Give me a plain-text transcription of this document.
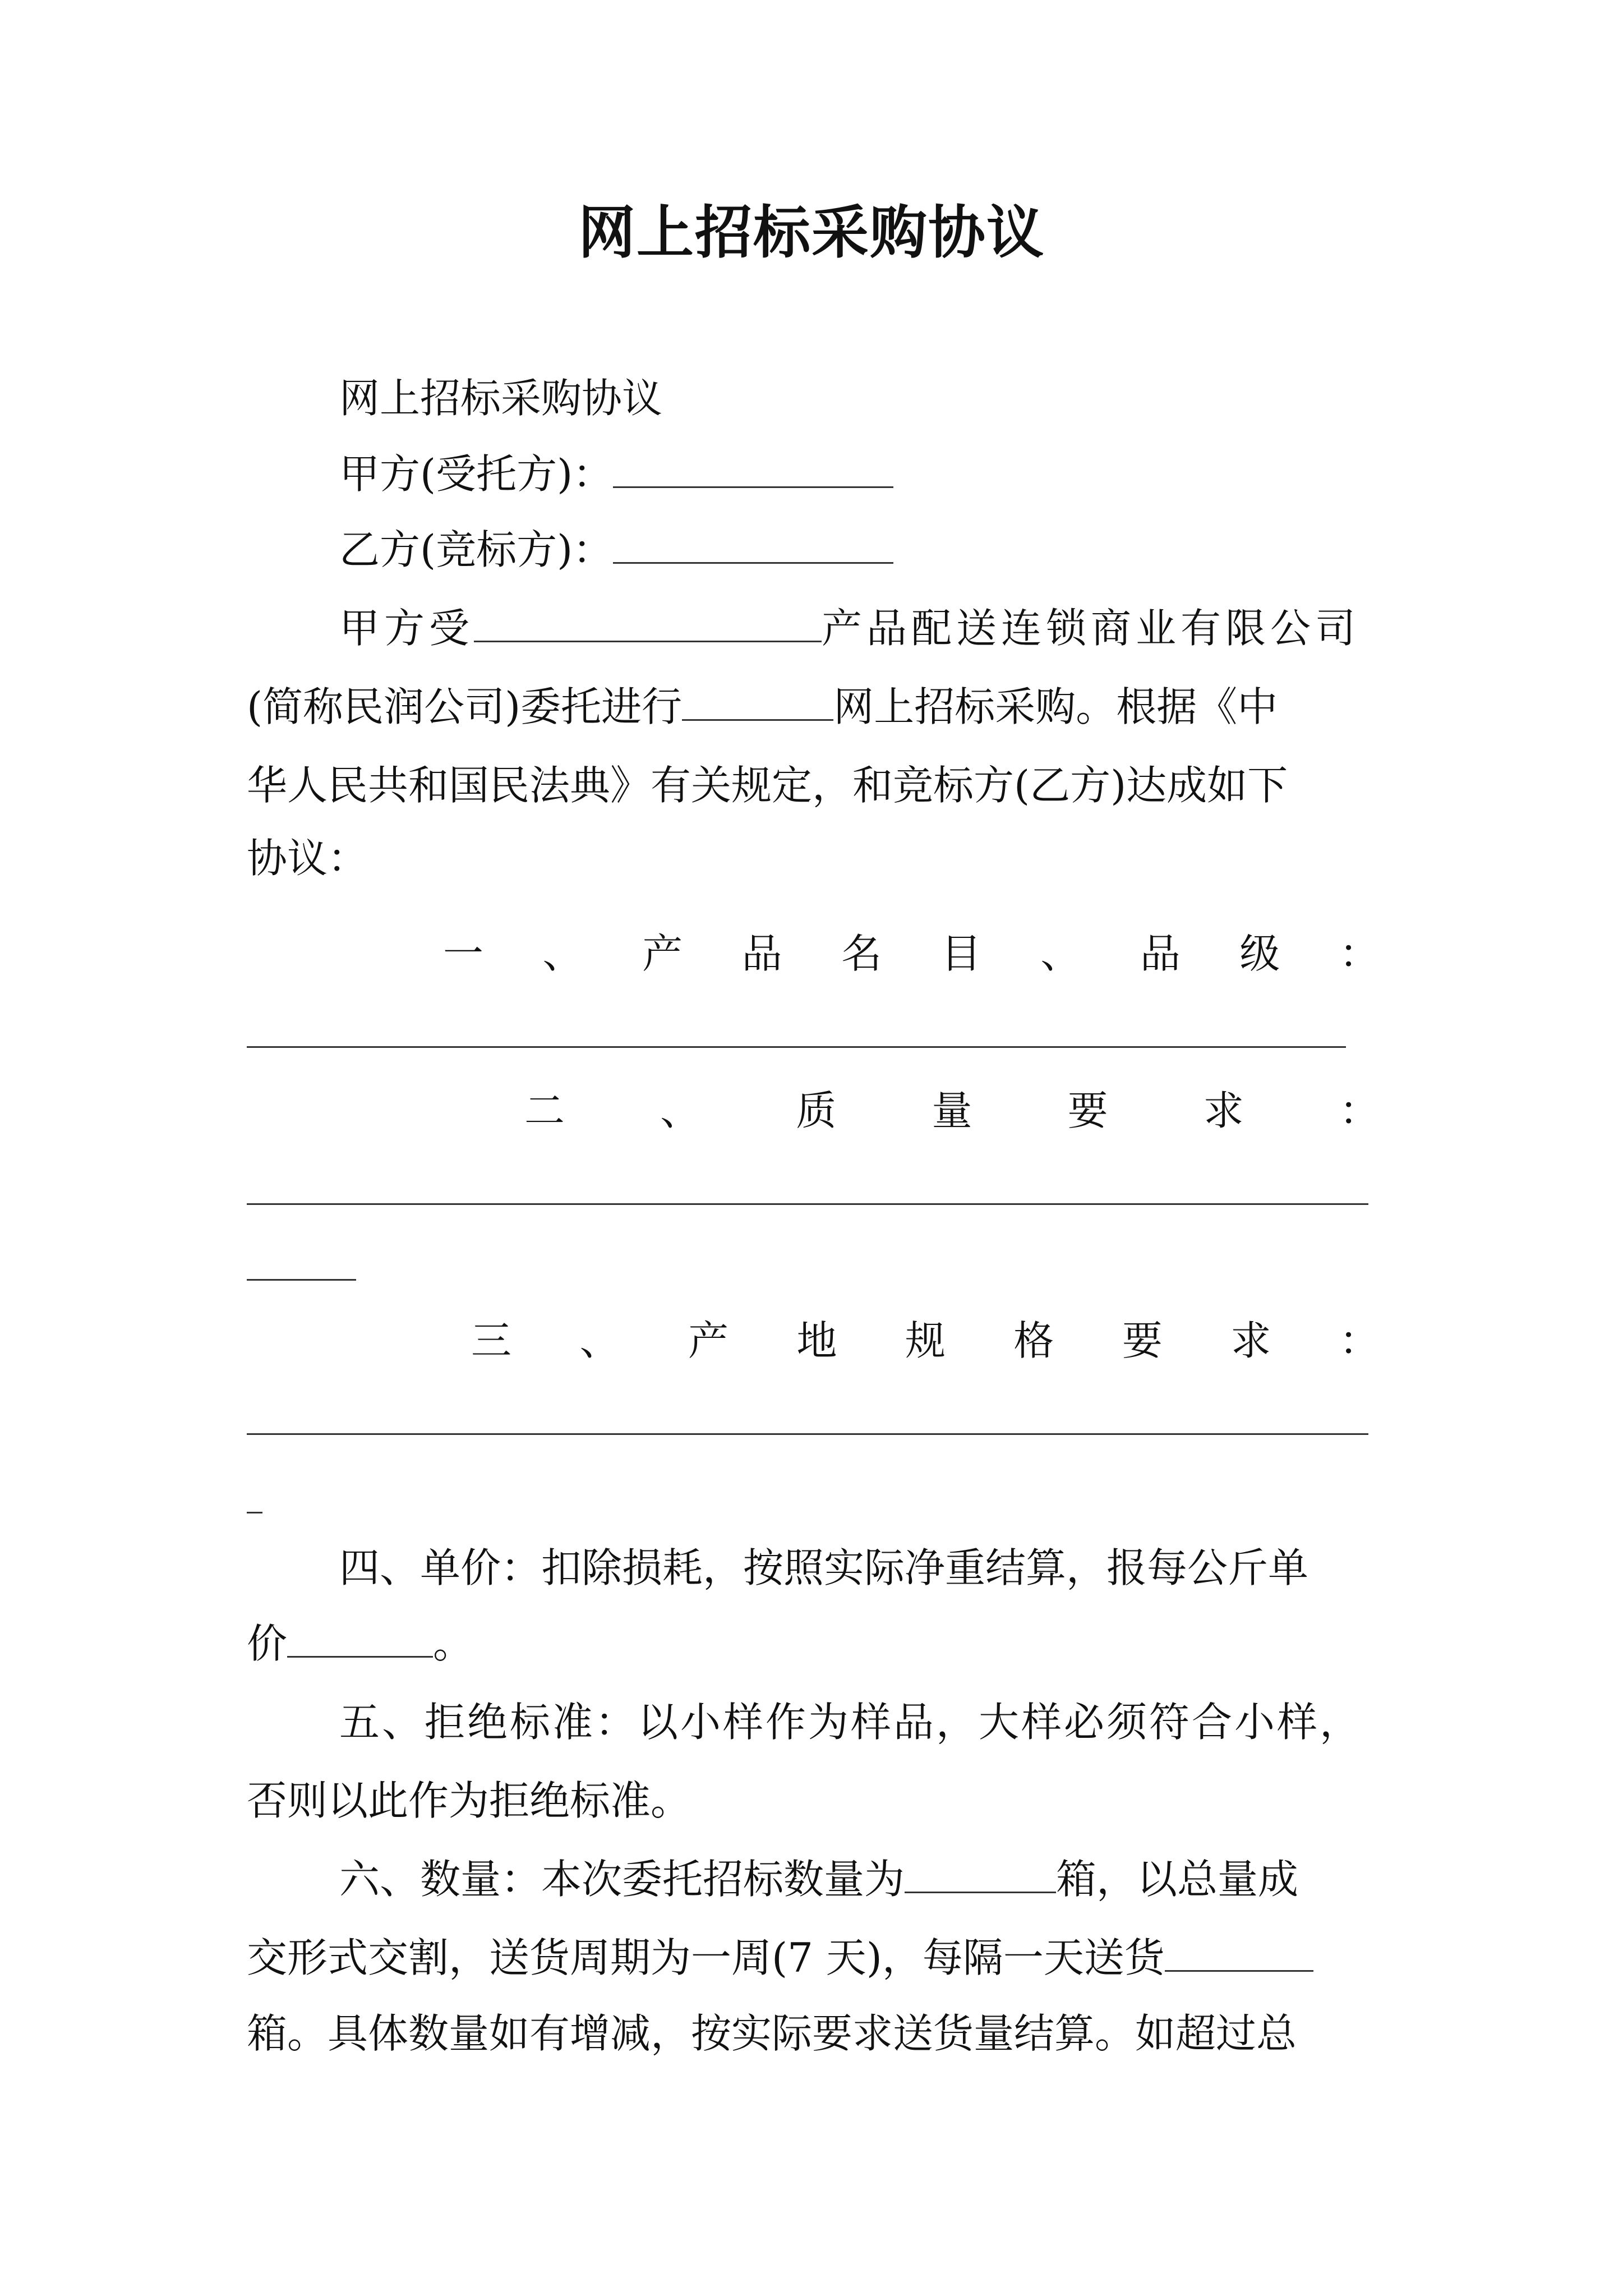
网上招标采购协议
网上招标采购协议
甲方(受托方)：
乙方(竞标方)：
甲方受	产品配送连锁商业有限公司
(简称民润公司)委托进行	网上招标采购。根据《中
华人民共和国民法典》有关规定，和竞标方(乙方)达成如下
协议：
一 、 产 品 名 目 、 品 级 ：
二 、 质 量 要 求 ：
三 、 产 地 规 格 要 求 ：
四、单价：扣除损耗，按照实际净重结算，报每公斤单
价	。
五、拒绝标准：以小样作为样品，大样必须符合小样，
否则以此作为拒绝标准。
六、数量：本次委托招标数量为	箱，以总量成
交形式交割，送货周期为一周(7 天)，每隔一天送货
箱。具体数量如有增减，按实际要求送货量结算。如超过总
